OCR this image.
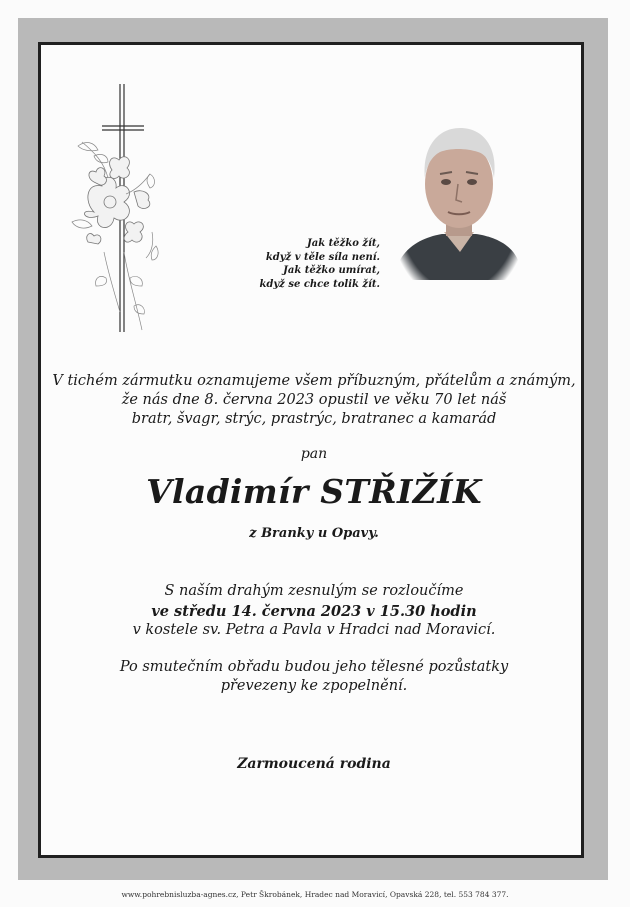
Jak těžko žít,
když v těle síla není.
Jak těžko umírat,
když se chce tolik žít.
V tichém zármutku oznamujeme všem příbuzným, přátelům a známým,
že nás dne 8. června 2023 opustil ve věku 70 let náš
bratr, švagr, strýc, prastrýc, bratranec a kamarád
pan
Vladimír STŘIŽÍK
z Branky u Opavy.
S naším drahým zesnulým se rozloučíme
ve středu 14. června 2023 v 15.30 hodin
v kostele sv. Petra a Pavla v Hradci nad Moravicí.
Po smutečním obřadu budou jeho tělesné pozůstatky
převezeny ke zpopelnění.
Zarmoucená rodina
www.pohrebnisluzba-agnes.cz, Petr Škrobánek, Hradec nad Moravicí, Opavská 228, tel. 553 784 377.
